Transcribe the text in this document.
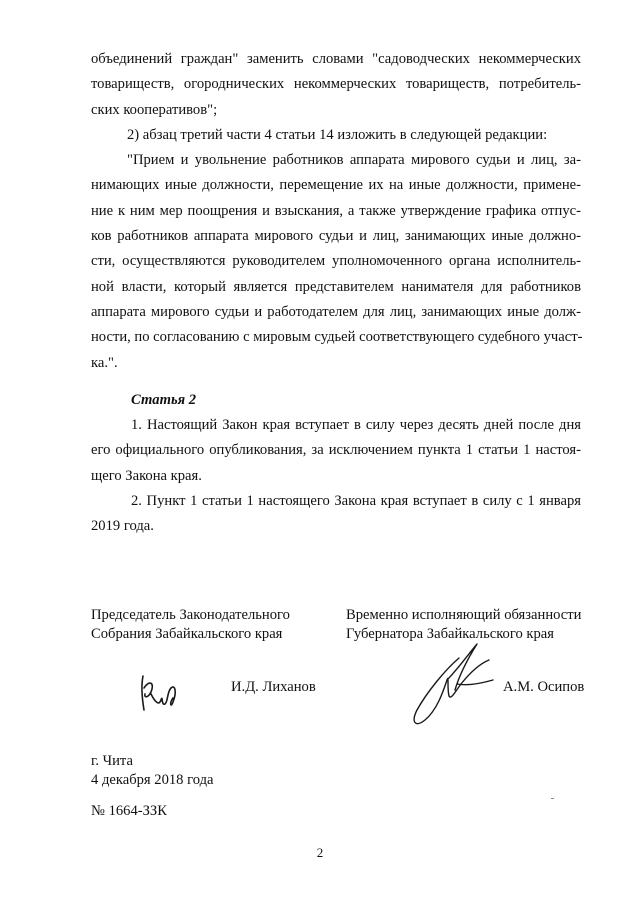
объединений граждан" заменить словами "садоводческих некоммерческих
товариществ, огороднических некоммерческих товариществ, потребитель-
ских кооперативов";
2) абзац третий части 4 статьи 14 изложить в следующей редакции:
"Прием и увольнение работников аппарата мирового судьи и лиц, за-
нимающих иные должности, перемещение их на иные должности, примене-
ние к ним мер поощрения и взыскания, а также утверждение графика отпус-
ков работников аппарата мирового судьи и лиц, занимающих иные должно-
сти, осуществляются руководителем уполномоченного органа исполнитель-
ной власти, который является представителем нанимателя для работников
аппарата мирового судьи и работодателем для лиц, занимающих иные долж-
ности, по согласованию с мировым судьей соответствующего судебного участ-
ка.".
Статья 2
1. Настоящий Закон края вступает в силу через десять дней после дня
его официального опубликования, за исключением пункта 1 статьи 1 настоя-
щего Закона края.
2. Пункт 1 статьи 1 настоящего Закона края вступает в силу с 1 января
2019 года.
Председатель Законодательного
Собрания Забайкальского края
Временно исполняющий обязанности
Губернатора Забайкальского края
И.Д. Лиханов	А.М. Осипов
г. Чита
4 декабря 2018 года
№ 1664-ЗЗК
2
